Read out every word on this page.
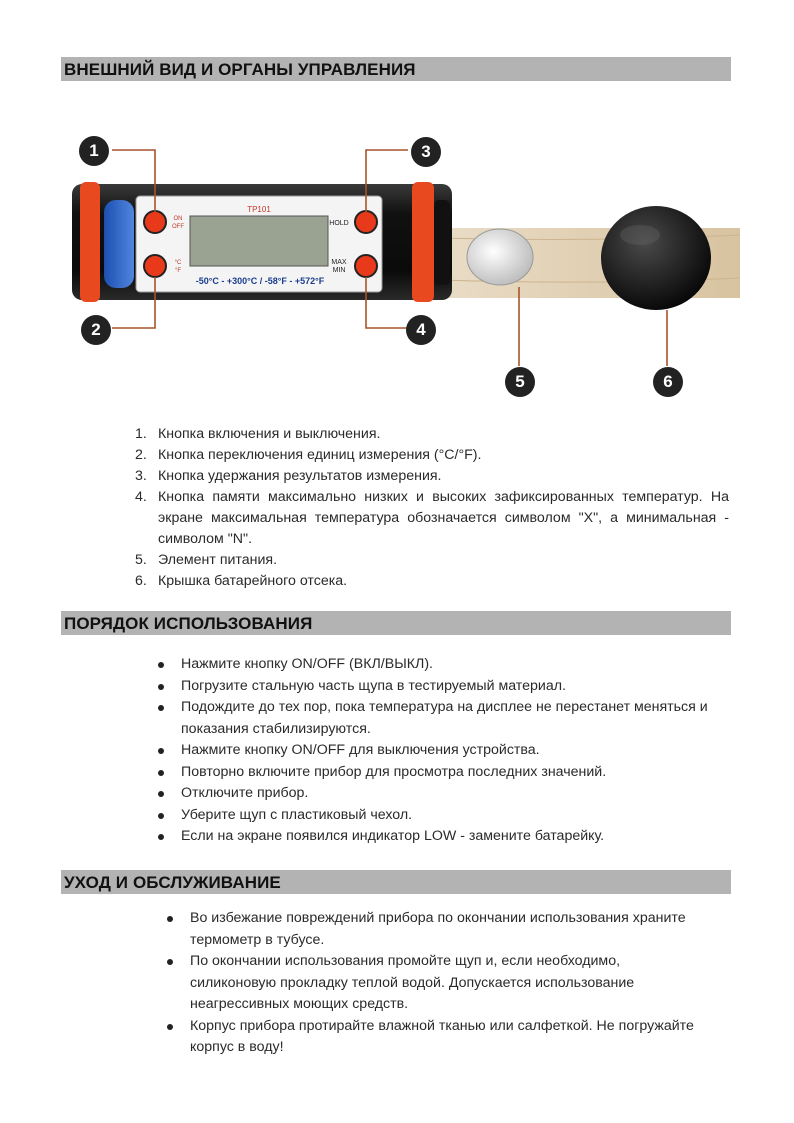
ВНЕШНИЙ ВИД И ОРГАНЫ УПРАВЛЕНИЯ
TP101
-50°C - +300°C / -58°F - +572°F
ON
OFF
°C
°F
HOLD
MAX
MIN
1
2
3
4
5	6
1. Кнопка включения и выключения.
2. Кнопка переключения единиц измерения (°С/°F).
3. Кнопка удержания результатов измерения.
4. Кнопка памяти максимально низких и высоких зафиксированных температур. На экране максимальная температура обозначается символом "X", а минимальная - символом "N".
5. Элемент питания.
6. Крышка батарейного отсека.
ПОРЯДОК ИСПОЛЬЗОВАНИЯ
Нажмите кнопку ON/OFF (ВКЛ/ВЫКЛ).
Погрузите стальную часть щупа в тестируемый материал.
Подождите до тех пор, пока температура на дисплее не перестанет меняться и показания стабилизируются.
Нажмите кнопку ON/OFF для выключения устройства.
Повторно включите прибор для просмотра последних значений.
Отключите прибор.
Уберите щуп с пластиковый чехол.
Если на экране появился индикатор LOW - замените батарейку.
УХОД И ОБСЛУЖИВАНИЕ
Во избежание повреждений прибора по окончании использования храните термометр в тубусе.
По окончании использования промойте щуп и, если необходимо, силиконовую прокладку теплой водой. Допускается использование неагрессивных моющих средств.
Корпус прибора протирайте влажной тканью или салфеткой. Не погружайте корпус в воду!
